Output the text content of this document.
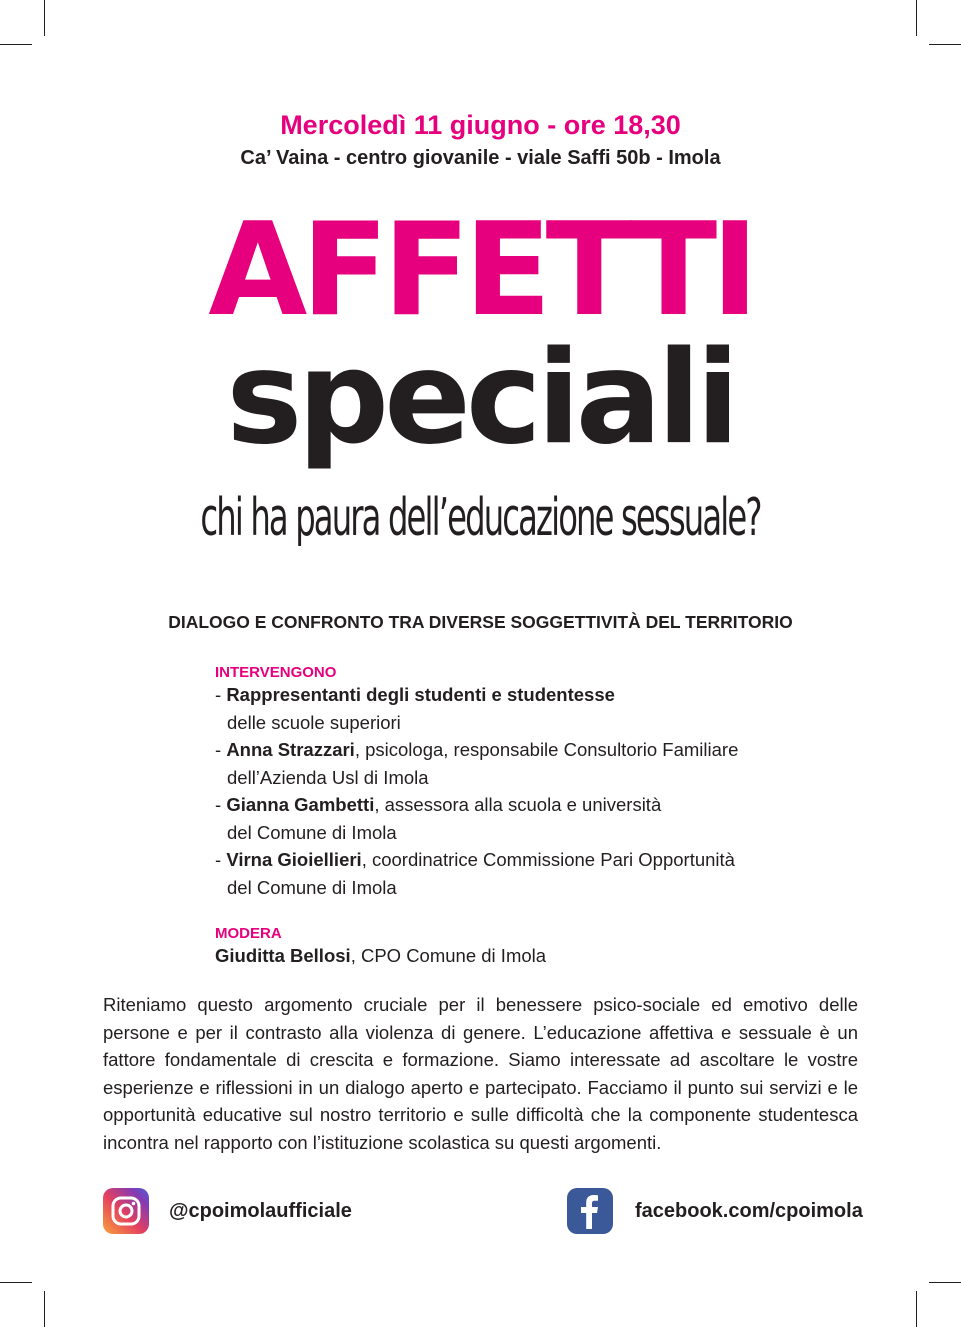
Mercoledì 11 giugno - ore 18,30
Ca’ Vaina - centro giovanile - viale Saffi 50b - Imola
AFFETTI
speciali
chi ha paura dell’educazione sessuale?
DIALOGO E CONFRONTO TRA DIVERSE SOGGETTIVITÀ DEL TERRITORIO

INTERVENGONO

- Rappresentanti degli studenti e studentesse

delle scuole superiori

- Anna Strazzari, psicologa, responsabile Consultorio Familiare

dell’Azienda Usl di Imola

- Gianna Gambetti, assessora alla scuola e università

del Comune di Imola

- Virna Gioiellieri, coordinatrice Commissione Pari Opportunità

del Comune di Imola

MODERA

Giuditta Bellosi, CPO Comune di Imola

Riteniamo questo argomento cruciale per il benessere psico-sociale ed emotivo delle persone e per il contrasto alla violenza di genere. L’educazione affettiva e sessuale è un fattore fondamentale di crescita e formazione. Siamo interessate ad ascoltare le vostre esperienze e riflessioni in un dialogo aperto e partecipato. Facciamo il punto sui servizi e le opportunità educative sul nostro territorio e sulle difficoltà che la componente studentesca incontra nel rapporto con l’istituzione scolastica su questi argomenti.
@cpoimolaufficiale	facebook.com/cpoimola
